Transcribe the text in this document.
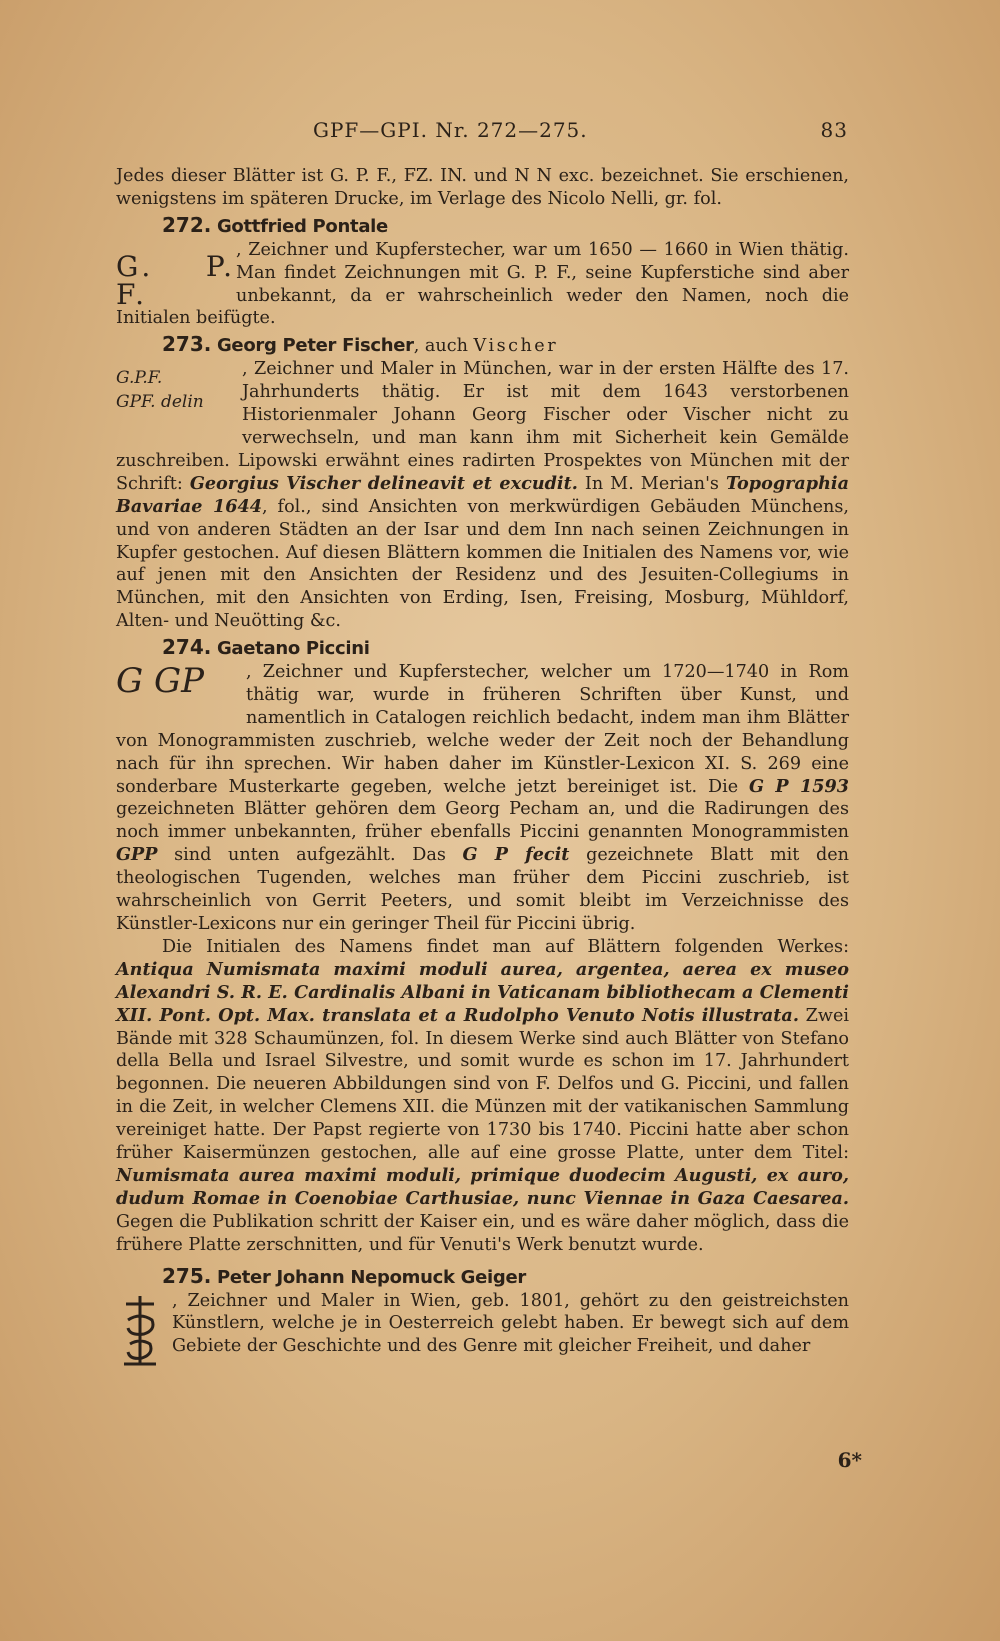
GPF—GPI. Nr. 272—275.	83

Jedes dieser Blätter ist G. P. F., FZ. IN. und N N exc. bezeichnet. Sie erschienen, wenigstens im späteren Drucke, im Verlage des Nicolo Nelli, gr. fol.

272. Gottfried Pontale

G. P. F.

, Zeichner und Kupferstecher, war um 1650 — 1660 in Wien thätig. Man findet Zeichnungen mit G. P. F., seine Kupferstiche sind aber unbekannt, da er wahrscheinlich weder den Namen, noch die Initialen beifügte.

273. Georg Peter Fischer, auch Vischer

G.P.F.
GPF. delin

, Zeichner und Maler in München, war in der ersten Hälfte des 17. Jahrhunderts thätig. Er ist mit dem 1643 verstorbenen Historienmaler Johann Georg Fischer oder Vischer nicht zu verwechseln, und man kann ihm mit Sicherheit kein Gemälde zuschreiben. Lipowski erwähnt eines radirten Prospektes von München mit der Schrift: Georgius Vischer delineavit et excudit. In M. Merian's Topographia Bavariae 1644, fol., sind Ansichten von merkwürdigen Gebäuden Münchens, und von anderen Städten an der Isar und dem Inn nach seinen Zeichnungen in Kupfer gestochen. Auf diesen Blättern kommen die Initialen des Namens vor, wie auf jenen mit den Ansichten der Residenz und des Jesuiten-Collegiums in München, mit den Ansichten von Erding, Isen, Freising, Mosburg, Mühldorf, Alten- und Neuötting &c.

274. Gaetano Piccini

G GP	, Zeichner und Kupferstecher, welcher um 1720—1740 in Rom thätig war, wurde in früheren Schriften über Kunst, und namentlich in Catalogen reichlich bedacht, indem man ihm Blätter von Monogrammisten zuschrieb, welche weder der Zeit noch der Behandlung nach für ihn sprechen. Wir haben daher im Künstler-Lexicon XI. S. 269 eine sonderbare Musterkarte gegeben, welche jetzt bereiniget ist. Die G P 1593 gezeichneten Blätter gehören dem Georg Pecham an, und die Radirungen des noch immer unbekannten, früher ebenfalls Piccini genannten Monogrammisten GPP sind unten aufgezählt. Das G P fecit gezeichnete Blatt mit den theologischen Tugenden, welches man früher dem Piccini zuschrieb, ist wahrscheinlich von Gerrit Peeters, und somit bleibt im Verzeichnisse des Künstler-Lexicons nur ein geringer Theil für Piccini übrig.

Die Initialen des Namens findet man auf Blättern folgenden Werkes: Antiqua Numismata maximi moduli aurea, argentea, aerea ex museo Alexandri S. R. E. Cardinalis Albani in Vaticanam bibliothecam a Clementi XII. Pont. Opt. Max. translata et a Rudolpho Venuto Notis illustrata. Zwei Bände mit 328 Schaumünzen, fol. In diesem Werke sind auch Blätter von Stefano della Bella und Israel Silvestre, und somit wurde es schon im 17. Jahrhundert begonnen. Die neueren Abbildungen sind von F. Delfos und G. Piccini, und fallen in die Zeit, in welcher Clemens XII. die Münzen mit der vatikanischen Sammlung vereiniget hatte. Der Papst regierte von 1730 bis 1740. Piccini hatte aber schon früher Kaisermünzen gestochen, alle auf eine grosse Platte, unter dem Titel: Numismata aurea maximi moduli, primique duodecim Augusti, ex auro, dudum Romae in Coenobiae Carthusiae, nunc Viennae in Gaza Caesarea. Gegen die Publikation schritt der Kaiser ein, und es wäre daher möglich, dass die frühere Platte zerschnitten, und für Venuti's Werk benutzt wurde.

275. Peter Johann Nepomuck Geiger

, Zeichner und Maler in Wien, geb. 1801, gehört zu den geistreichsten Künstlern, welche je in Oesterreich gelebt haben. Er bewegt sich auf dem Gebiete der Geschichte und des Genre mit gleicher Freiheit, und daher

6*
